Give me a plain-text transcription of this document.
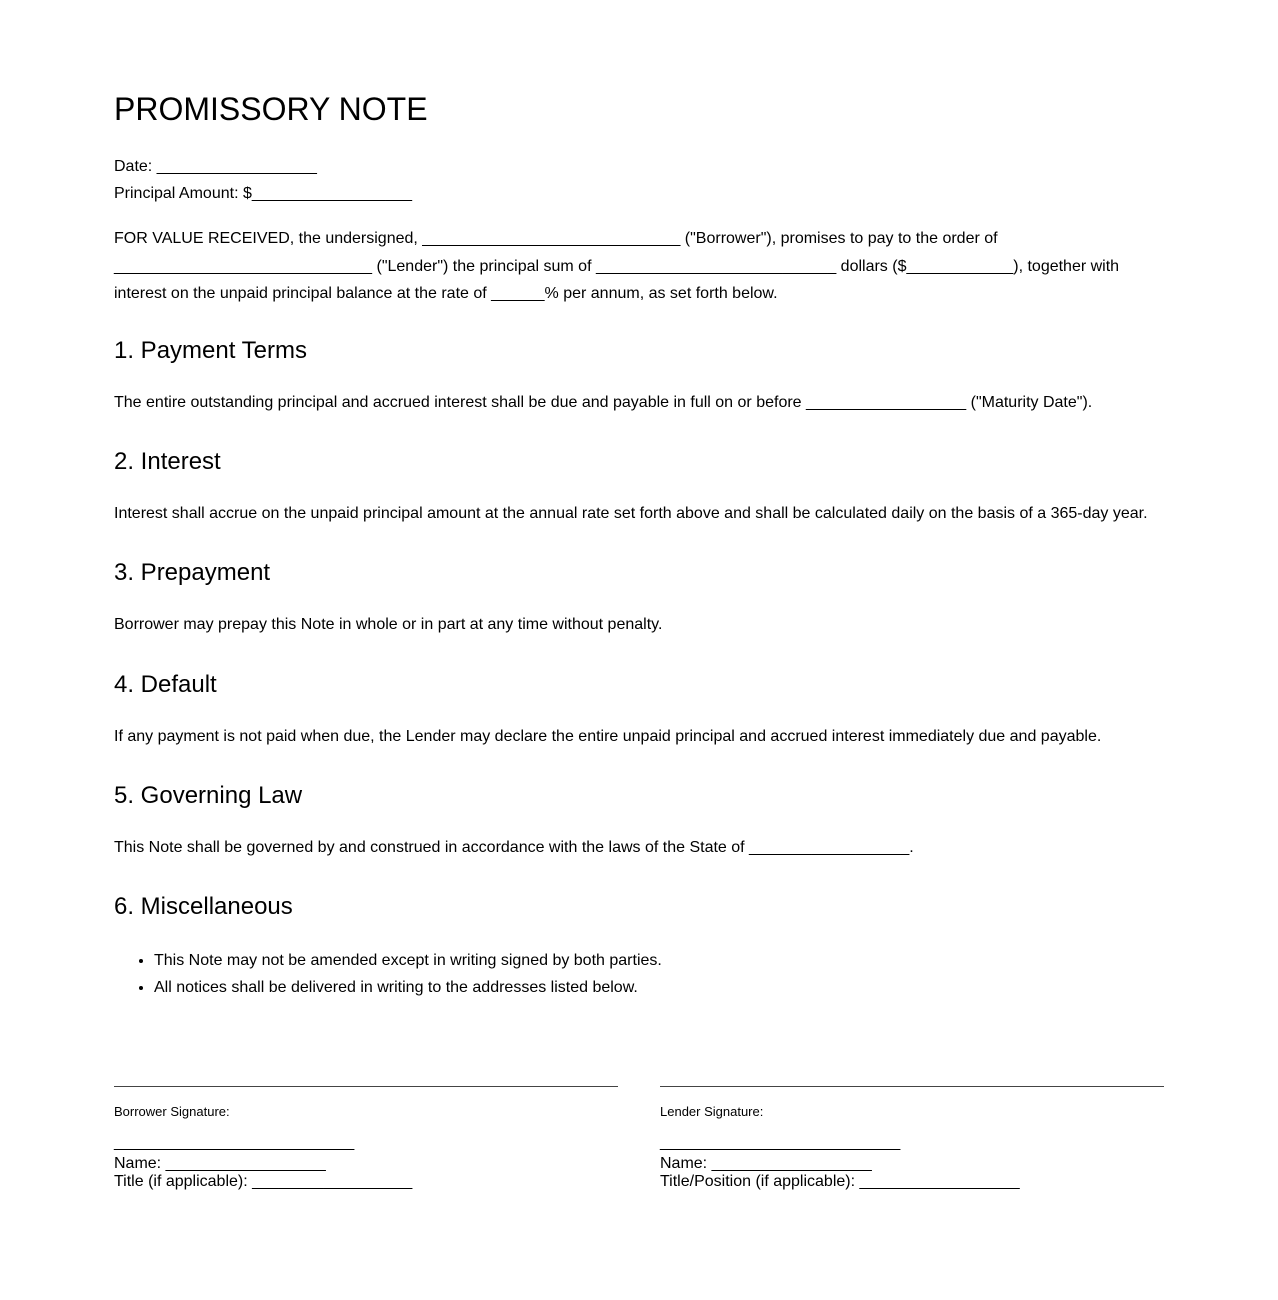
PROMISSORY NOTE
Date: __________________
Principal Amount: $__________________

FOR VALUE RECEIVED, the undersigned, _____________________________ ("Borrower"), promises to pay to the order of
_____________________________ ("Lender") the principal sum of ___________________________ dollars ($____________), together with
interest on the unpaid principal balance at the rate of ______% per annum, as set forth below.

1. Payment Terms

The entire outstanding principal and accrued interest shall be due and payable in full on or before __________________ ("Maturity Date").

2. Interest

Interest shall accrue on the unpaid principal amount at the annual rate set forth above and shall be calculated daily on the basis of a 365-day year.

3. Prepayment

Borrower may prepay this Note in whole or in part at any time without penalty.

4. Default

If any payment is not paid when due, the Lender may declare the entire unpaid principal and accrued interest immediately due and payable.

5. Governing Law

This Note shall be governed by and construed in accordance with the laws of the State of __________________.

6. Miscellaneous
• This Note may not be amended except in writing signed by both parties.
• All notices shall be delivered in writing to the addresses listed below.
Borrower Signature:
___________________________
Name: __________________
Title (if applicable): __________________
Lender Signature:
___________________________
Name: __________________
Title/Position (if applicable): __________________
